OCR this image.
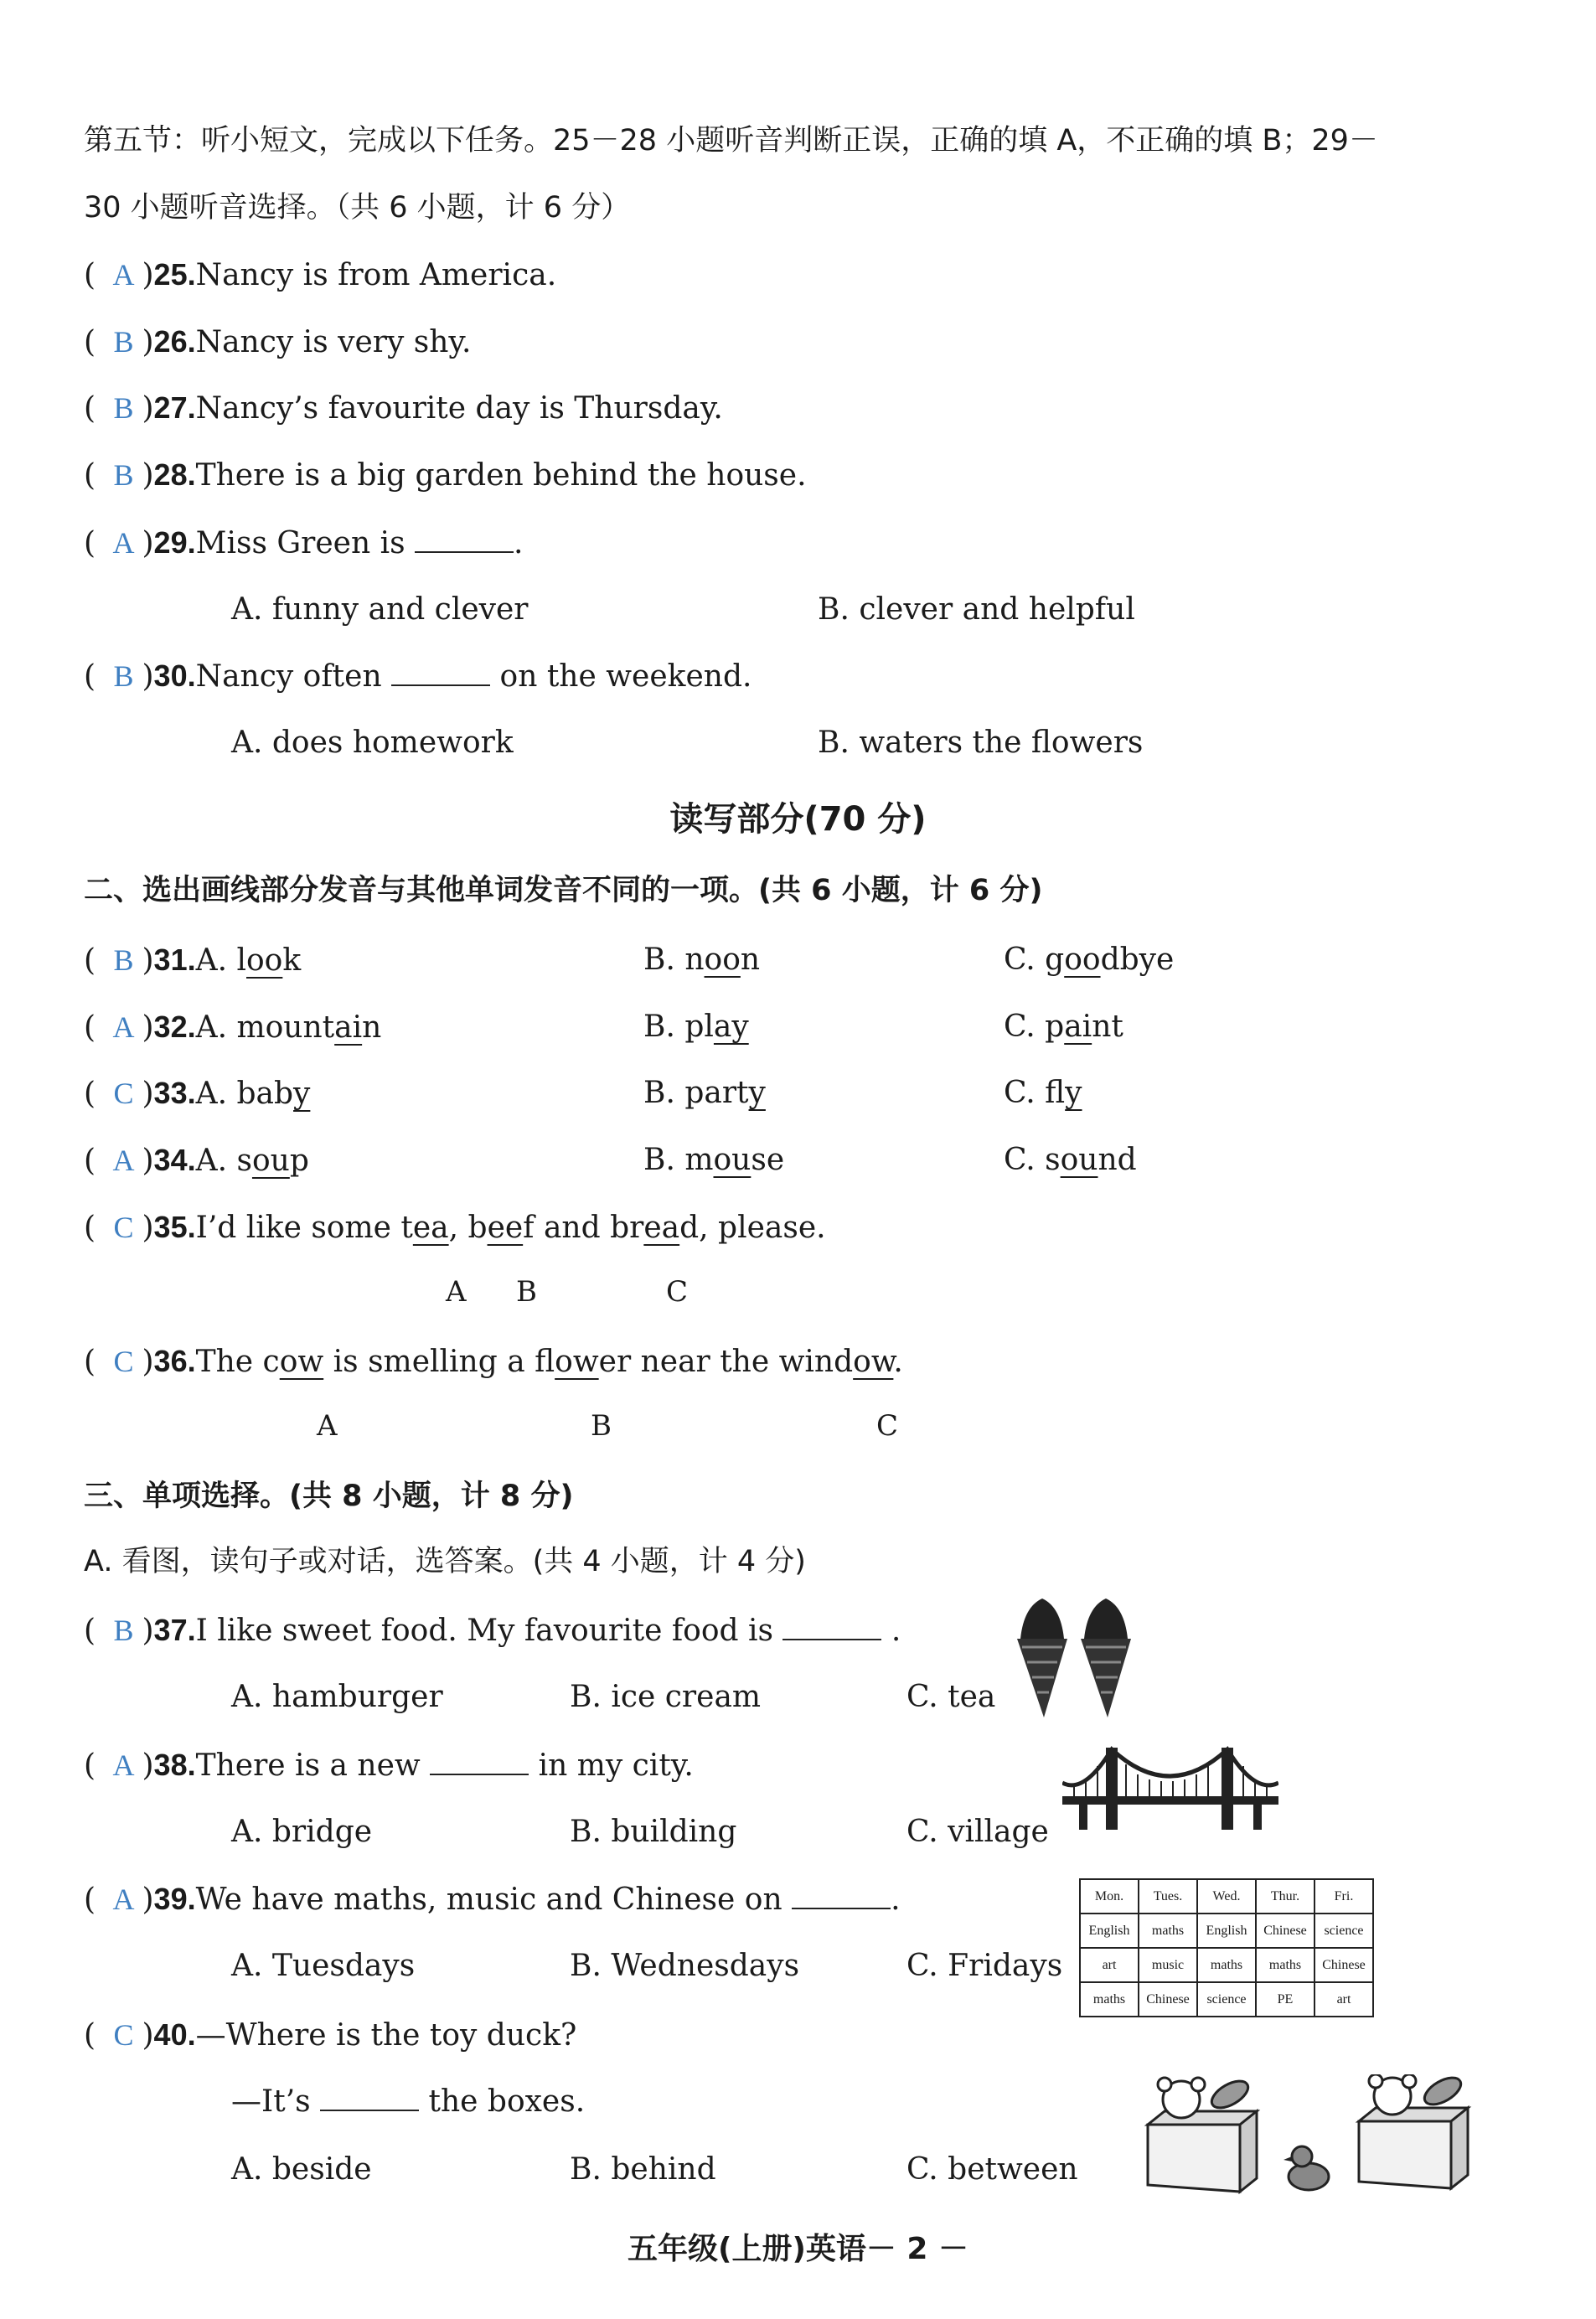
第五节：听小短文，完成以下任务。25－28 小题听音判断正误，正确的填 A，不正确的填 B；29－
30 小题听音选择。（共 6 小题，计 6 分）
( A )25.Nancy is from America.
( B )26.Nancy is very shy.
( B )27.Nancy’s favourite day is Thursday.
( B )28.There is a big garden behind the house.
( A )29.Miss Green is	.
A. funny and clever	B. clever and helpful
( B )30.Nancy often	on the weekend.
A. does homework	B. waters the flowers
读写部分(70 分)
二、选出画线部分发音与其他单词发音不同的一项。(共 6 小题，计 6 分)
( B )31.A. look	B. noon	C. goodbye
( A )32.A. mountain	B. play	C. paint
( C )33.A. baby	B. party	C. fly
( A )34.A. soup	B. mouse	C. sound
( C )35.I’d like some tea, beef and bread, please.
A B	C
( C )36.The cow is smelling a flower near the window.
A	B	C
三、单项选择。(共 8 小题，计 8 分)
A. 看图，读句子或对话，选答案。(共 4 小题，计 4 分)
( B )37.I like sweet food. My favourite food is	.
A. hamburger	B. ice cream	C. tea
( A )38.There is a new	in my city.
A. bridge	B. building	C. village
( A )39.We have maths, music and Chinese on	.
A. Tuesdays	B. Wednesdays	C. Fridays
Mon.	Tues.	Wed.	Thur.	Fri.
English	maths	English	Chinese	science
art	music	maths	maths	Chinese
maths	Chinese	science	PE	art
( C )40.—Where is the toy duck?
—It’s	the boxes.
A. beside	B. behind	C. between
五年级(上册)英语－ 2 －
